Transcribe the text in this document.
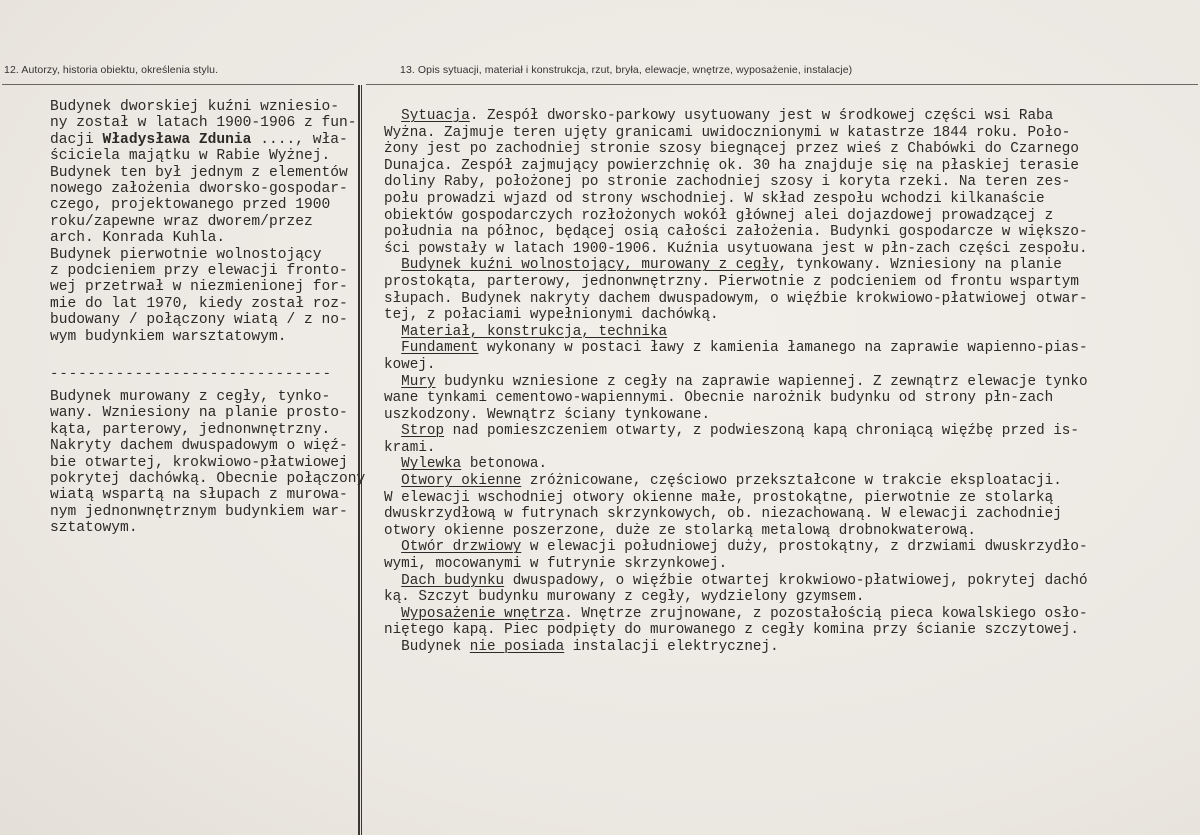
12. Autorzy, historia obiektu, określenia stylu.	13. Opis sytuacji, materiał i konstrukcja, rzut, bryła, elewacje, wnętrze, wyposażenie, instalacje)
Budynek dworskiej kuźni wzniesio-
ny został w latach 1900-1906 z fun-
dacji Władysława Zdunia ...., wła-
ściciela majątku w Rabie Wyżnej.
Budynek ten był jednym z elementów
nowego założenia dworsko-gospodar-
czego, projektowanego przed 1900
roku/zapewne wraz dworem/przez
arch. Konrada Kuhla.
Budynek pierwotnie wolnostojący
z podcieniem przy elewacji fronto-
wej przetrwał w niezmienionej for-
mie do lat 1970, kiedy został roz-
budowany / połączony wiatą / z no-
wym budynkiem warsztatowym.
------------------------------
Budynek murowany z cegły, tynko-
wany. Wzniesiony na planie prosto-
kąta, parterowy, jednonwnętrzny.
Nakryty dachem dwuspadowym o więź-
bie otwartej, krokwiowo-płatwiowej
pokrytej dachówką. Obecnie połączony
wiatą wspartą na słupach z murowa-
nym jednonwnętrznym budynkiem war-
sztatowym.
Sytuacja. Zespół dworsko-parkowy usytuowany jest w środkowej części wsi Raba
Wyżna. Zajmuje teren ujęty granicami uwidocznionymi w katastrze 1844 roku. Poło-
żony jest po zachodniej stronie szosy biegnącej przez wieś z Chabówki do Czarnego
Dunajca. Zespół zajmujący powierzchnię ok. 30 ha znajduje się na płaskiej terasie
doliny Raby, położonej po stronie zachodniej szosy i koryta rzeki. Na teren zes-
połu prowadzi wjazd od strony wschodniej. W skład zespołu wchodzi kilkanaście
obiektów gospodarczych rozłożonych wokół głównej alei dojazdowej prowadzącej z
południa na północ, będącej osią całości założenia. Budynki gospodarcze w większo-
ści powstały w latach 1900-1906. Kuźnia usytuowana jest w płn-zach części zespołu.
Budynek kuźni wolnostojący, murowany z cegły, tynkowany. Wzniesiony na planie
prostokąta, parterowy, jednonwnętrzny. Pierwotnie z podcieniem od frontu wspartym
słupach. Budynek nakryty dachem dwuspadowym, o więźbie krokwiowo-płatwiowej otwar-
tej, z połaciami wypełnionymi dachówką.
Materiał, konstrukcja, technika
Fundament wykonany w postaci ławy z kamienia łamanego na zaprawie wapienno-pias-
kowej.
Mury budynku wzniesione z cegły na zaprawie wapiennej. Z zewnątrz elewacje tynko
wane tynkami cementowo-wapiennymi. Obecnie narożnik budynku od strony płn-zach
uszkodzony. Wewnątrz ściany tynkowane.
Strop nad pomieszczeniem otwarty, z podwieszoną kapą chroniącą więźbę przed is-
krami.
Wylewka betonowa.
Otwory okienne zróżnicowane, częściowo przekształcone w trakcie eksploatacji.
W elewacji wschodniej otwory okienne małe, prostokątne, pierwotnie ze stolarką
dwuskrzydłową w futrynach skrzynkowych, ob. niezachowaną. W elewacji zachodniej
otwory okienne poszerzone, duże ze stolarką metalową drobnokwaterową.
Otwór drzwiowy w elewacji południowej duży, prostokątny, z drzwiami dwuskrzydło-
wymi, mocowanymi w futrynie skrzynkowej.
Dach budynku dwuspadowy, o więźbie otwartej krokwiowo-płatwiowej, pokrytej dachó
ką. Szczyt budynku murowany z cegły, wydzielony gzymsem.
Wyposażenie wnętrza. Wnętrze zrujnowane, z pozostałością pieca kowalskiego osło-
niętego kapą. Piec podpięty do murowanego z cegły komina przy ścianie szczytowej.
Budynek nie posiada instalacji elektrycznej.
